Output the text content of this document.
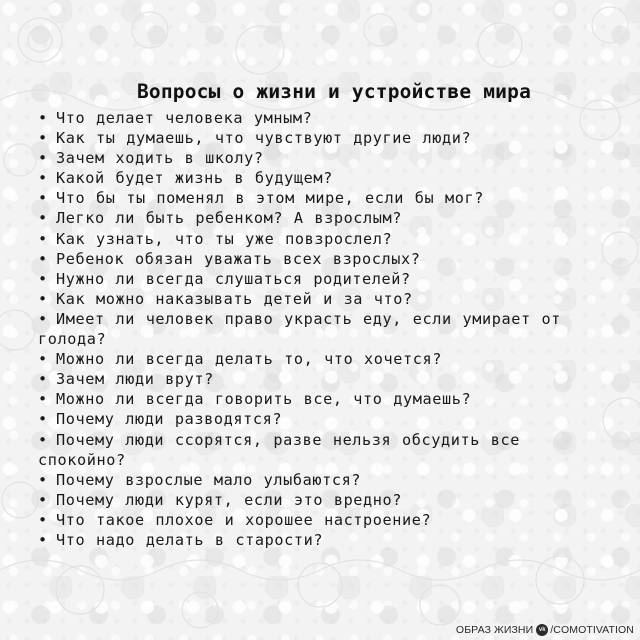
Вопросы о жизни и устройстве мира
• Что делает человека умным?
• Как ты думаешь, что чувствуют другие люди?
• Зачем ходить в школу?
• Какой будет жизнь в будущем?
• Что бы ты поменял в этом мире, если бы мог?
• Легко ли быть ребенком? А взрослым?
• Как узнать, что ты уже повзрослел?
• Ребенок обязан уважать всех взрослых?
• Нужно ли всегда слушаться родителей?
• Как можно наказывать детей и за что?
• Имеет ли человек право украсть еду, если умирает от голода?
• Можно ли всегда делать то, что хочется?
• Зачем люди врут?
• Можно ли всегда говорить все, что думаешь?
• Почему люди разводятся?
• Почему люди ссорятся, разве нельзя обсудить все спокойно?
• Почему взрослые мало улыбаются?
• Почему люди курят, если это вредно?
• Что такое плохое и хорошее настроение?
• Что надо делать в старости?
ОБРАЗ ЖИЗНИ vk /COMOTIVATION
